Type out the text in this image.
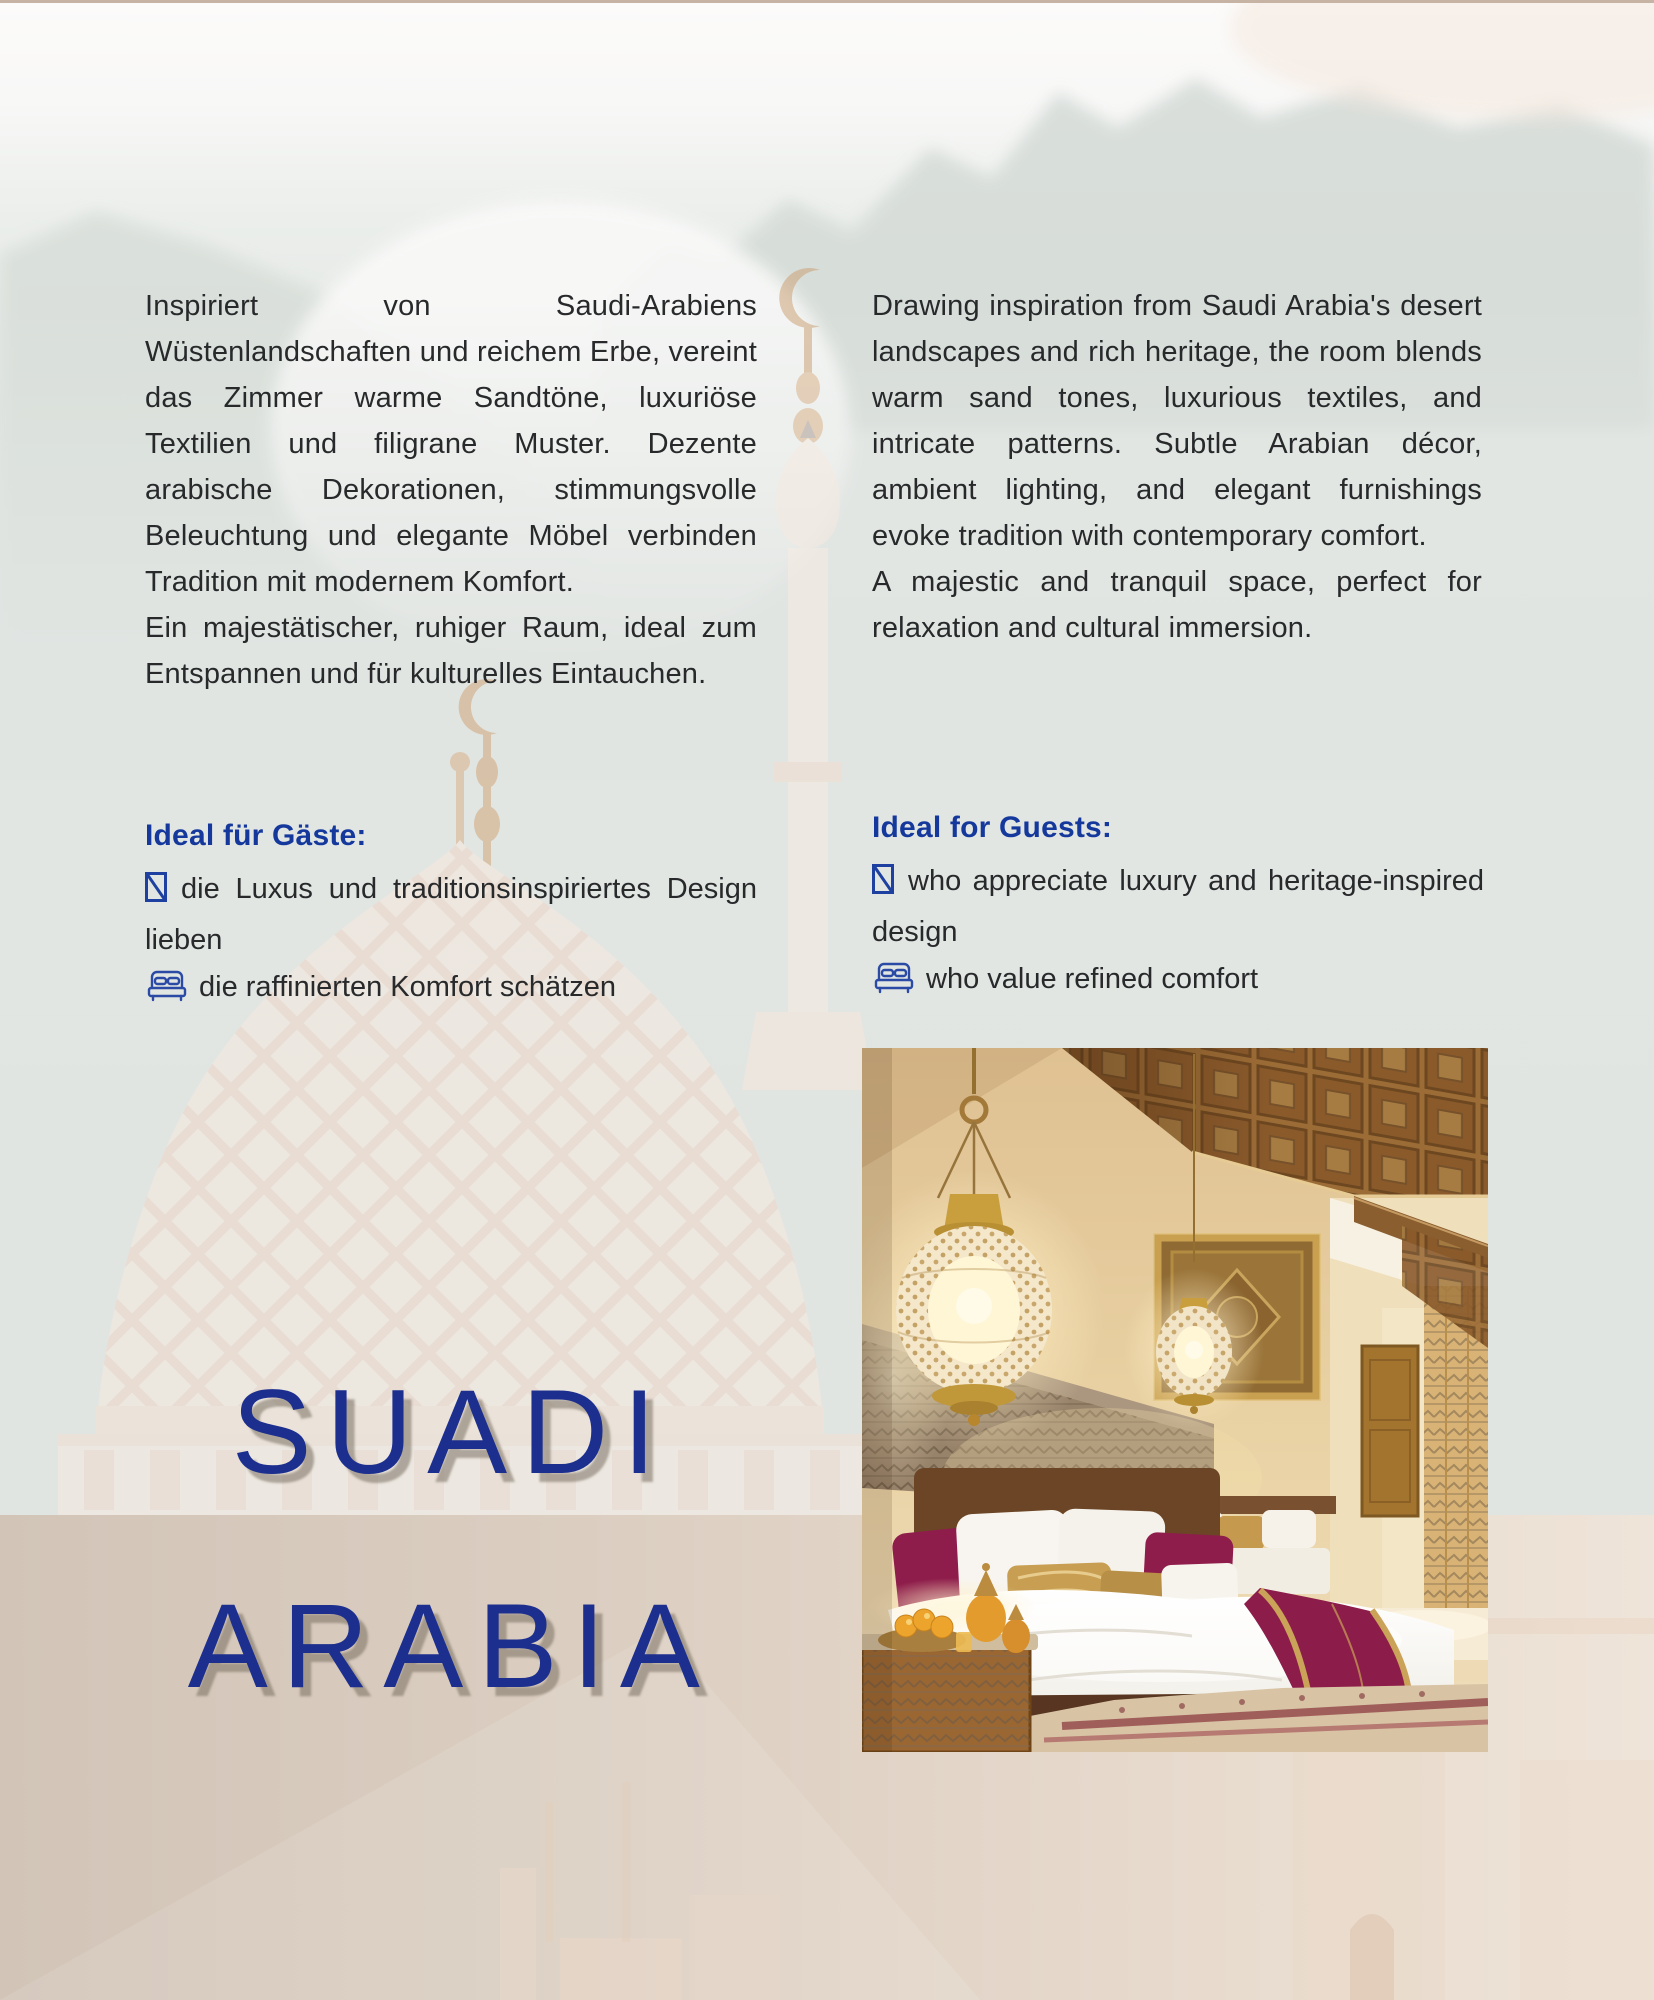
Inspiriert von Saudi-Arabiens Wüstenlandschaften und reichem Erbe, vereint das Zimmer warme Sandtöne, luxuriöse Textilien und filigrane Muster. Dezente arabische Dekorationen, stimmungsvolle Beleuchtung und elegante Möbel verbinden Tradition mit modernem Komfort.

Ein majestätischer, ruhiger Raum, ideal zum Entspannen und für kulturelles Eintauchen.

Drawing inspiration from Saudi Arabia's desert landscapes and rich heritage, the room blends warm sand tones, luxurious textiles, and intricate patterns. Subtle Arabian décor, ambient lighting, and elegant furnishings evoke tradition with contemporary comfort.

A majestic and tranquil space, perfect for relaxation and cultural immersion.

Ideal für Gäste:

die Luxus und traditionsinspiriertes Design lieben

die raffinierten Komfort schätzen

Ideal for Guests:

who appreciate luxury and heritage-inspired design

who value refined comfort

SUADI
ARABIA
